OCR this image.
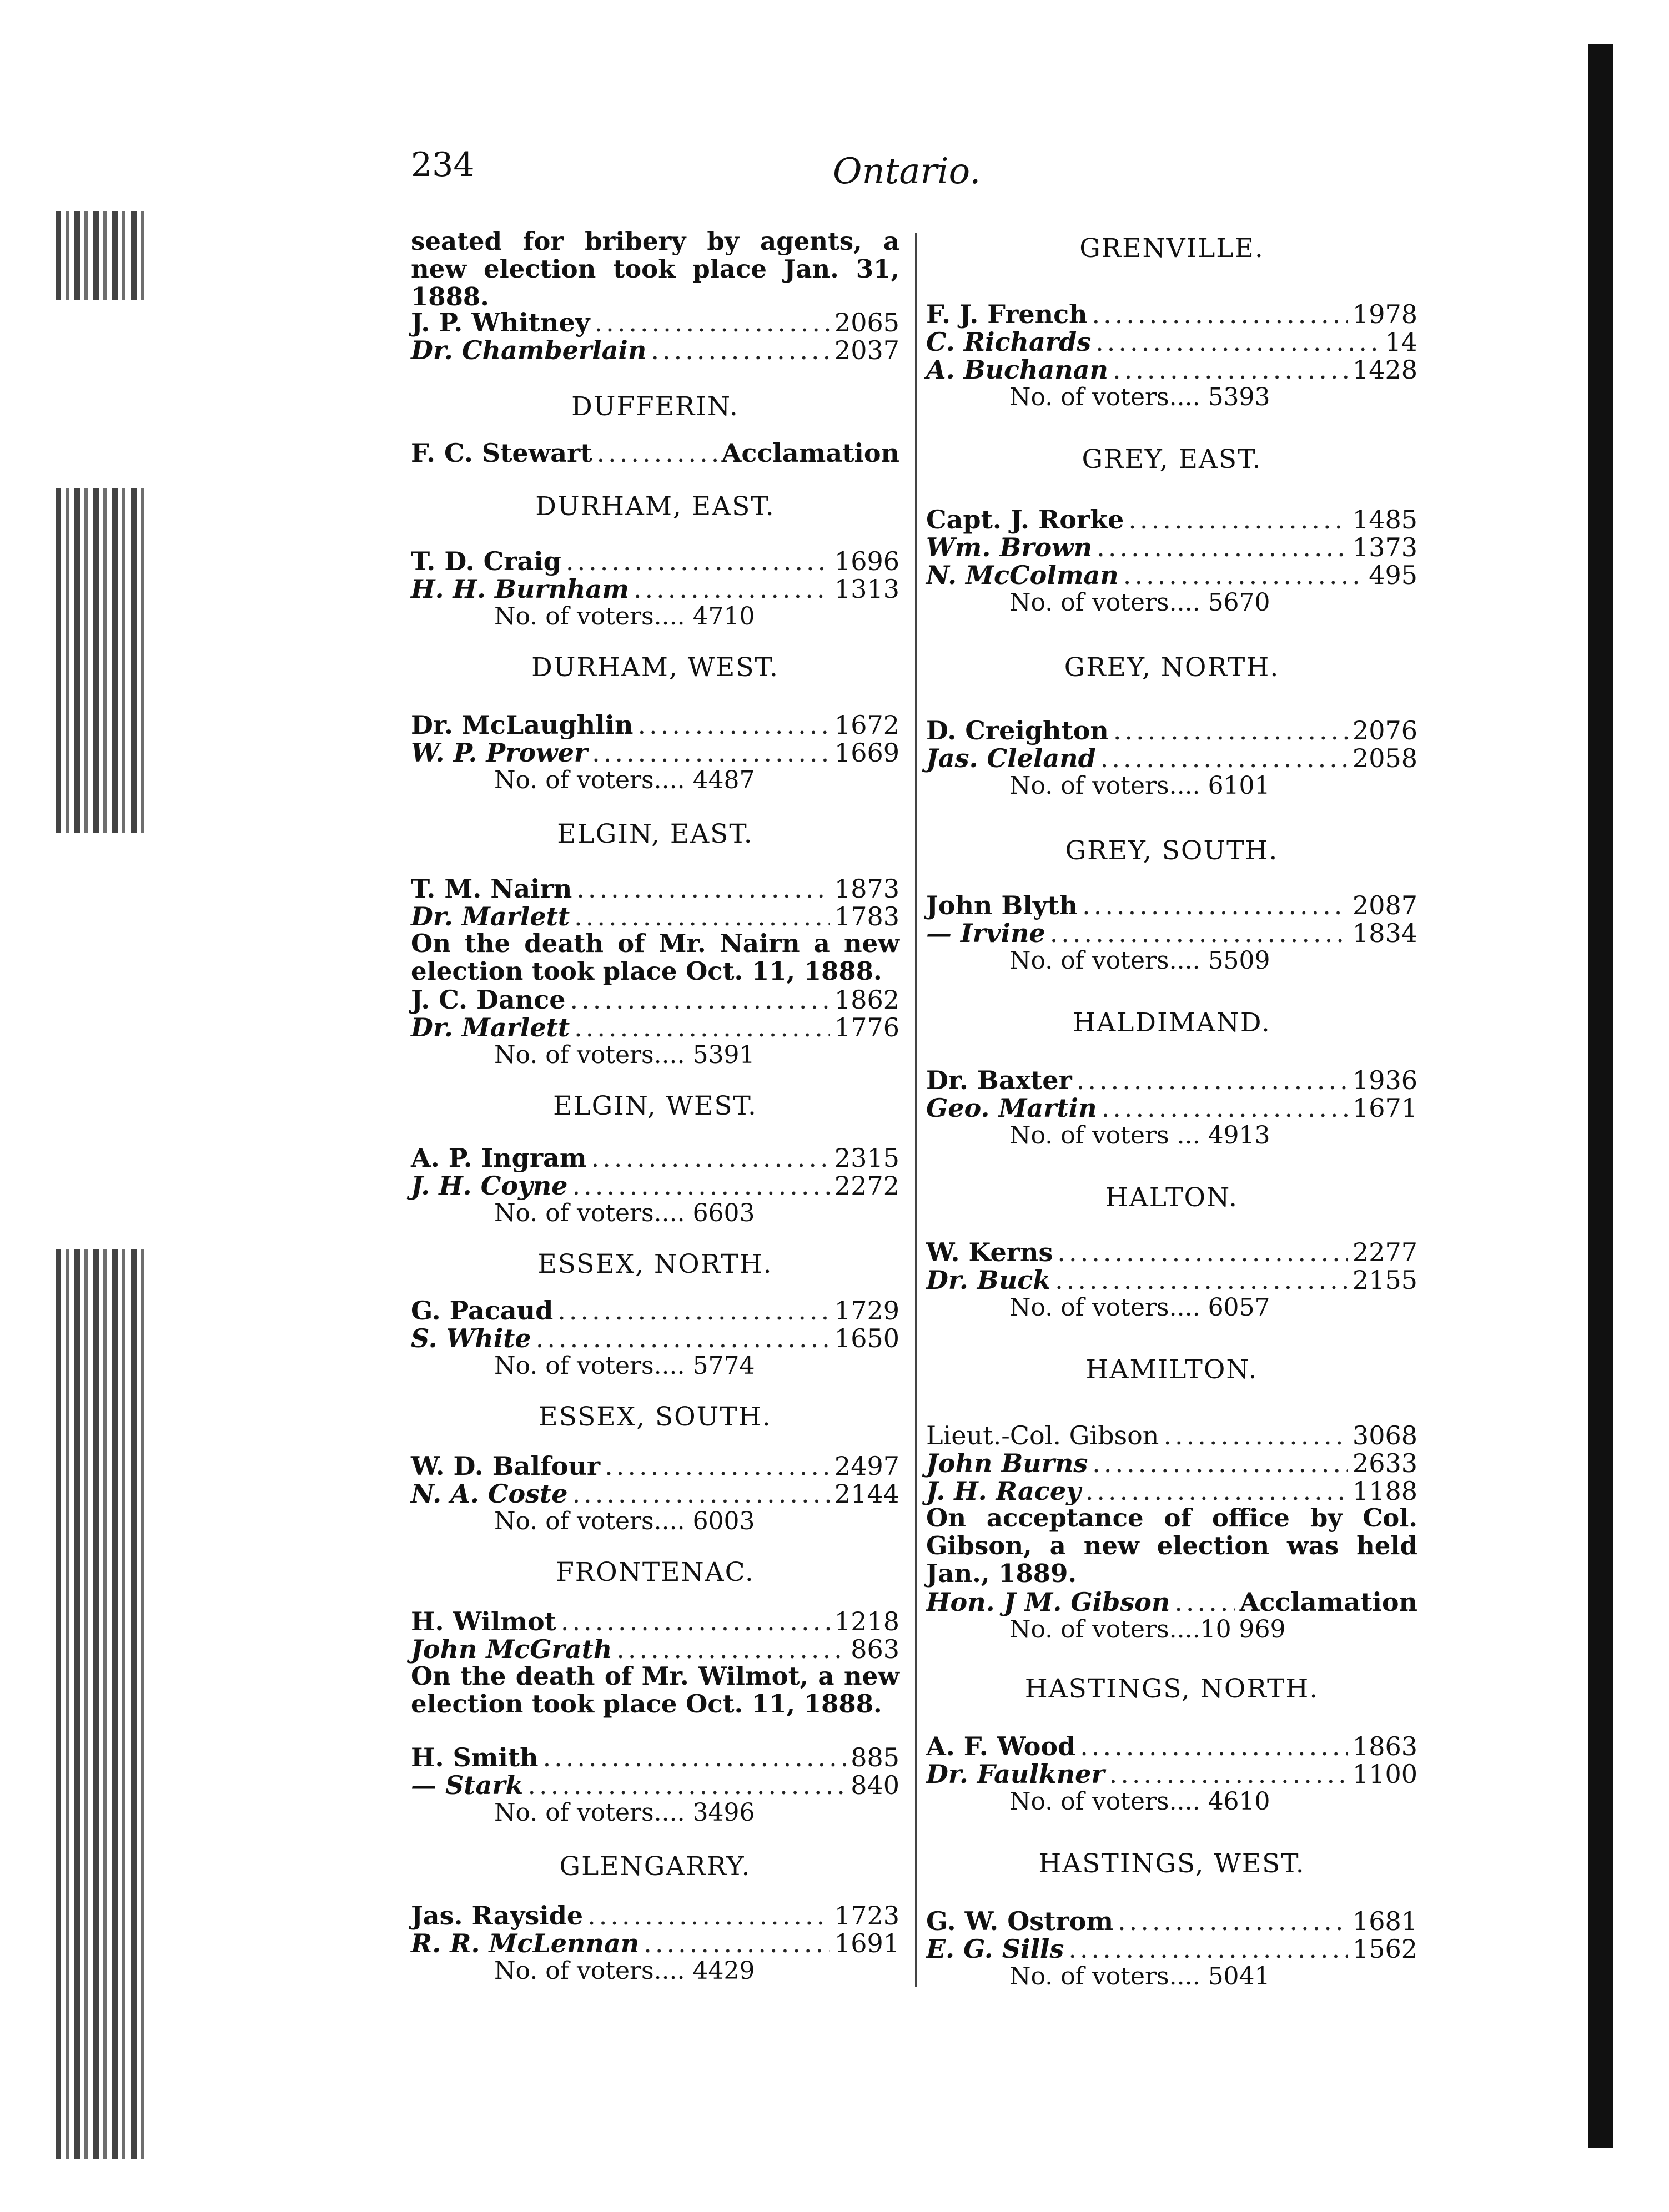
234	Ontario.
seated for bribery by agents, a new election took place Jan. 31, 1888.
J. P. Whitney .....	2065
Dr. Chamberlain .....	2037
DUFFERIN.
F. C. Stewart .....	Acclamation
DURHAM, EAST.
T. D. Craig .....	1696
H. H. Burnham .....	1313
No. of voters.... 4710
DURHAM, WEST.
Dr. McLaughlin .....	1672
W. P. Prower .....	1669
No. of voters.... 4487
ELGIN, EAST.
T. M. Nairn .....	1873
Dr. Marlett .....	1783
On the death of Mr. Nairn a new election took place Oct. 11, 1888.
J. C. Dance .....	1862
Dr. Marlett .....	1776
No. of voters.... 5391
ELGIN, WEST.
A. P. Ingram .....	2315
J. H. Coyne .....	2272
No. of voters.... 6603
ESSEX, NORTH.
G. Pacaud .....	1729
S. White .....	1650
No. of voters.... 5774
ESSEX, SOUTH.
W. D. Balfour .....	2497
N. A. Coste .....	2144
No. of voters.... 6003
FRONTENAC.
H. Wilmot .....	1218
John McGrath .....	863
On the death of Mr. Wilmot, a new election took place Oct. 11, 1888.
H. Smith .....	885
— Stark .....	840
No. of voters.... 3496
GLENGARRY.
Jas. Rayside .....	1723
R. R. McLennan .....	1691
No. of voters.... 4429
GRENVILLE.
F. J. French .....	1978
C. Richards .....	14
A. Buchanan .....	1428
No. of voters.... 5393
GREY, EAST.
Capt. J. Rorke .....	1485
Wm. Brown .....	1373
N. McColman .....	495
No. of voters.... 5670
GREY, NORTH.
D. Creighton .....	2076
Jas. Cleland .....	2058
No. of voters.... 6101
GREY, SOUTH.
John Blyth .....	2087
— Irvine .....	1834
No. of voters.... 5509
HALDIMAND.
Dr. Baxter .....	1936
Geo. Martin .....	1671
No. of voters ... 4913
HALTON.
W. Kerns .....	2277
Dr. Buck .....	2155
No. of voters.... 6057
HAMILTON.
Lieut.-Col. Gibson .....	3068
John Burns .....	2633
J. H. Racey .....	1188
On acceptance of office by Col. Gibson, a new election was held Jan., 1889.
Hon. J M. Gibson .....	Acclamation
No. of voters....10 969
HASTINGS, NORTH.
A. F. Wood .....	1863
Dr. Faulkner .....	1100
No. of voters.... 4610
HASTINGS, WEST.
G. W. Ostrom .....	1681
E. G. Sills .....	1562
No. of voters.... 5041
